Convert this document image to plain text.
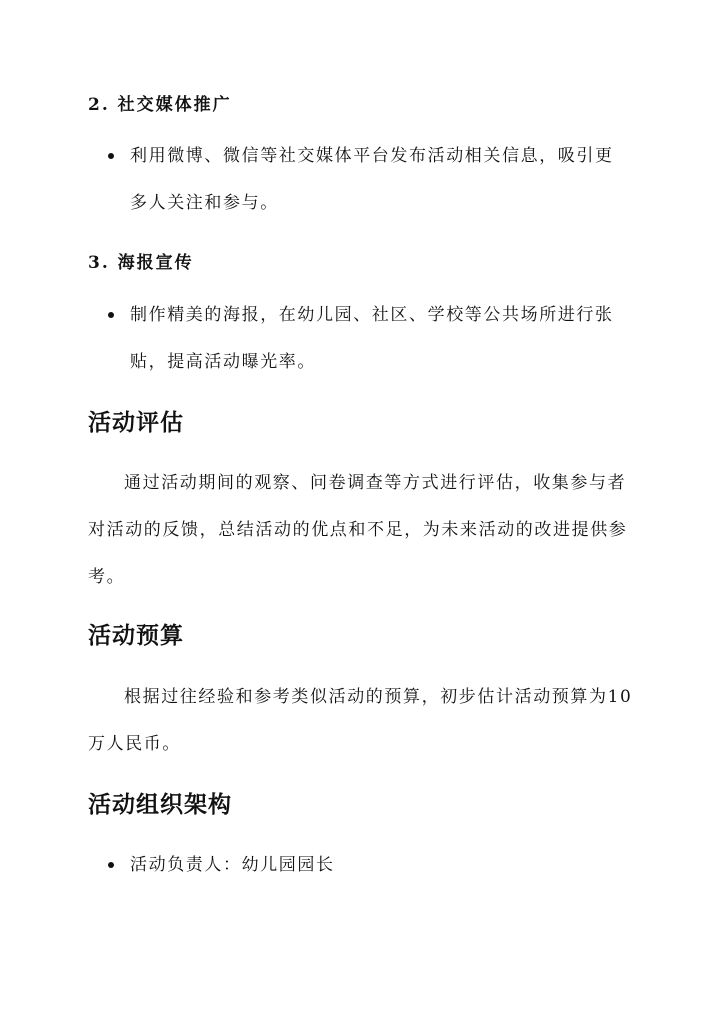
2. 社交媒体推广
利用微博、微信等社交媒体平台发布活动相关信息，吸引更多人关注和参与。
3. 海报宣传
制作精美的海报，在幼儿园、社区、学校等公共场所进行张贴，提高活动曝光率。
活动评估
通过活动期间的观察、问卷调查等方式进行评估，收集参与者对活动的反馈，总结活动的优点和不足，为未来活动的改进提供参考。
活动预算
根据过往经验和参考类似活动的预算，初步估计活动预算为10万人民币。
活动组织架构
活动负责人：幼儿园园长
